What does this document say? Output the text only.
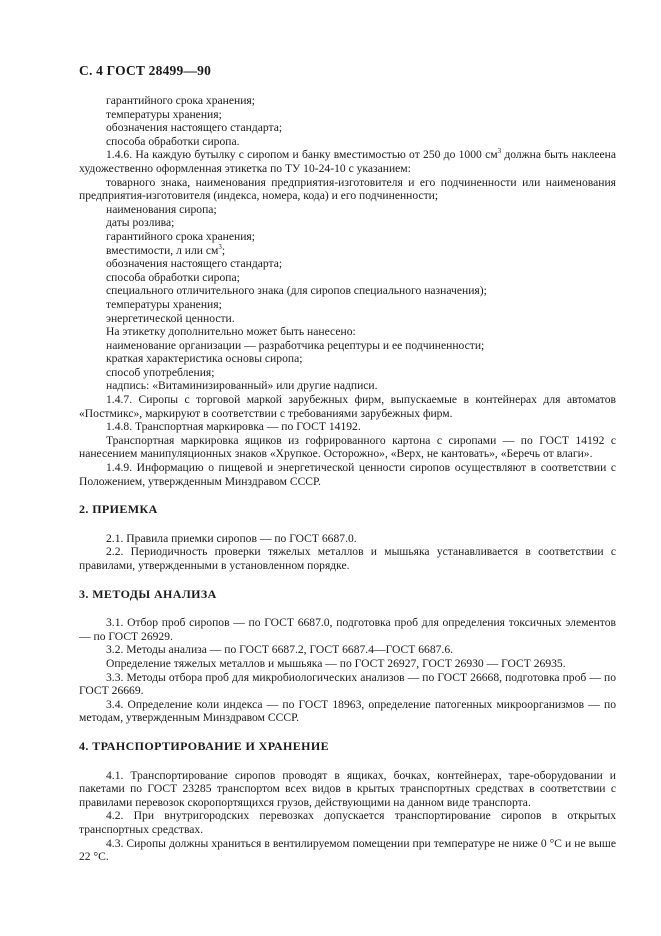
С. 4 ГОСТ 28499—90

гарантийного срока хранения;

температуры хранения;

обозначения настоящего стандарта;

способа обработки сиропа.

1.4.6. На каждую бутылку с сиропом и банку вместимостью от 250 до 1000 $см^3$ должна быть наклеена художественно оформленная этикетка по ТУ 10-24-10 с указанием:

товарного знака, наименования предприятия-изготовителя и его подчиненности или наименования предприятия-изготовителя (индекса, номера, кода) и его подчиненности;

наименования сиропа;

даты розлива;

гарантийного срока хранения;

вместимости, л или $см^3$;

обозначения настоящего стандарта;

способа обработки сиропа;

специального отличительного знака (для сиропов специального назначения);

температуры хранения;

энергетической ценности.

На этикетку дополнительно может быть нанесено:

наименование организации — разработчика рецептуры и ее подчиненности;

краткая характеристика основы сиропа;

способ употребления;

надпись: «Витаминизированный» или другие надписи.

1.4.7. Сиропы с торговой маркой зарубежных фирм, выпускаемые в контейнерах для автоматов «Постмикс», маркируют в соответствии с требованиями зарубежных фирм.

1.4.8. Транспортная маркировка — по ГОСТ 14192.

Транспортная маркировка ящиков из гофрированного картона с сиропами — по ГОСТ 14192 с нанесением манипуляционных знаков «Хрупкое. Осторожно», «Верх, не кантовать», «Беречь от влаги».

1.4.9. Информацию о пищевой и энергетической ценности сиропов осуществляют в соответствии с Положением, утвержденным Минздравом СССР.

2. ПРИЕМКА

2.1. Правила приемки сиропов — по ГОСТ 6687.0.

2.2. Периодичность проверки тяжелых металлов и мышьяка устанавливается в соответствии с правилами, утвержденными в установленном порядке.

3. МЕТОДЫ АНАЛИЗА

3.1. Отбор проб сиропов — по ГОСТ 6687.0, подготовка проб для определения токсичных элементов — по ГОСТ 26929.

3.2. Методы анализа — по ГОСТ 6687.2, ГОСТ 6687.4—ГОСТ 6687.6.

Определение тяжелых металлов и мышьяка — по ГОСТ 26927, ГОСТ 26930 — ГОСТ 26935.

3.3. Методы отбора проб для микробиологических анализов — по ГОСТ 26668, подготовка проб — по ГОСТ 26669.

3.4. Определение коли индекса — по ГОСТ 18963, определение патогенных микроорганизмов — по методам, утвержденным Минздравом СССР.

4. ТРАНСПОРТИРОВАНИЕ И ХРАНЕНИЕ

4.1. Транспортирование сиропов проводят в ящиках, бочках, контейнерах, таре-оборудовании и пакетами по ГОСТ 23285 транспортом всех видов в крытых транспортных средствах в соответствии с правилами перевозок скоропортящихся грузов, действующими на данном виде транспорта.

4.2. При внутригородских перевозках допускается транспортирование сиропов в открытых транспортных средствах.

4.3. Сиропы должны храниться в вентилируемом помещении при температуре не ниже 0 °С и не выше 22 °С.
